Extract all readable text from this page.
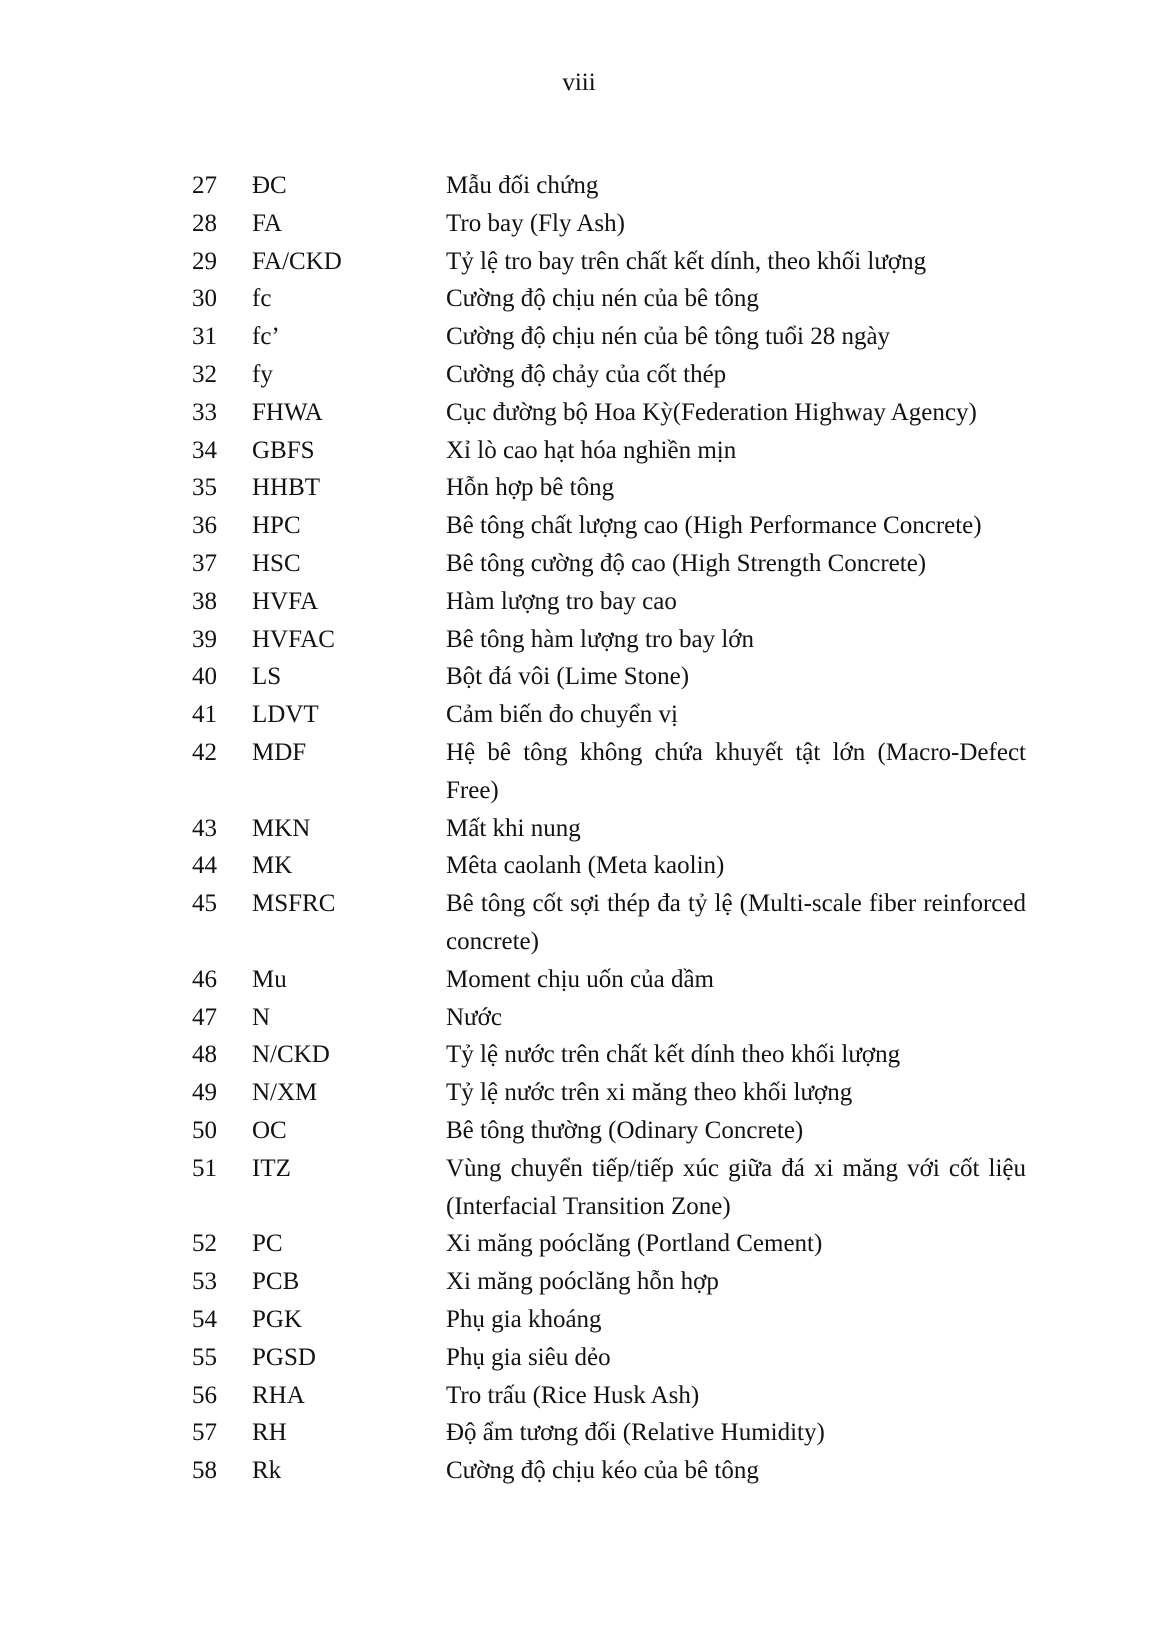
viii
27	ĐC	Mẫu đối chứng
28	FA	Tro bay (Fly Ash)
29	FA/CKD	Tỷ lệ tro bay trên chất kết dính, theo khối lượng
30	fc	Cường độ chịu nén của bê tông
31	fc’	Cường độ chịu nén của bê tông tuổi 28 ngày
32	fy	Cường độ chảy của cốt thép
33	FHWA	Cục đường bộ Hoa Kỳ(Federation Highway Agency)
34	GBFS	Xỉ lò cao hạt hóa nghiền mịn
35	HHBT	Hỗn hợp bê tông
36	HPC	Bê tông chất lượng cao (High Performance Concrete)
37	HSC	Bê tông cường độ cao (High Strength Concrete)
38	HVFA	Hàm lượng tro bay cao
39	HVFAC	Bê tông hàm lượng tro bay lớn
40	LS	Bột đá vôi (Lime Stone)
41	LDVT	Cảm biến đo chuyển vị
42	MDF	Hệ bê tông không chứa khuyết tật lớn (Macro-Defect
Free)
43	MKN	Mất khi nung
44	MK	Mêta caolanh (Meta kaolin)
45	MSFRC	Bê tông cốt sợi thép đa tỷ lệ (Multi-scale fiber reinforced
concrete)
46	Mu	Moment chịu uốn của dầm
47	N	Nước
48	N/CKD	Tỷ lệ nước trên chất kết dính theo khối lượng
49	N/XM	Tỷ lệ nước trên xi măng theo khối lượng
50	OC	Bê tông thường (Odinary Concrete)
51	ITZ	Vùng chuyển tiếp/tiếp xúc giữa đá xi măng với cốt liệu
(Interfacial Transition Zone)
52	PC	Xi măng poóclăng (Portland Cement)
53	PCB	Xi măng poóclăng hỗn hợp
54	PGK	Phụ gia khoáng
55	PGSD	Phụ gia siêu dẻo
56	RHA	Tro trấu (Rice Husk Ash)
57	RH	Độ ẩm tương đối (Relative Humidity)
58	Rk	Cường độ chịu kéo của bê tông
